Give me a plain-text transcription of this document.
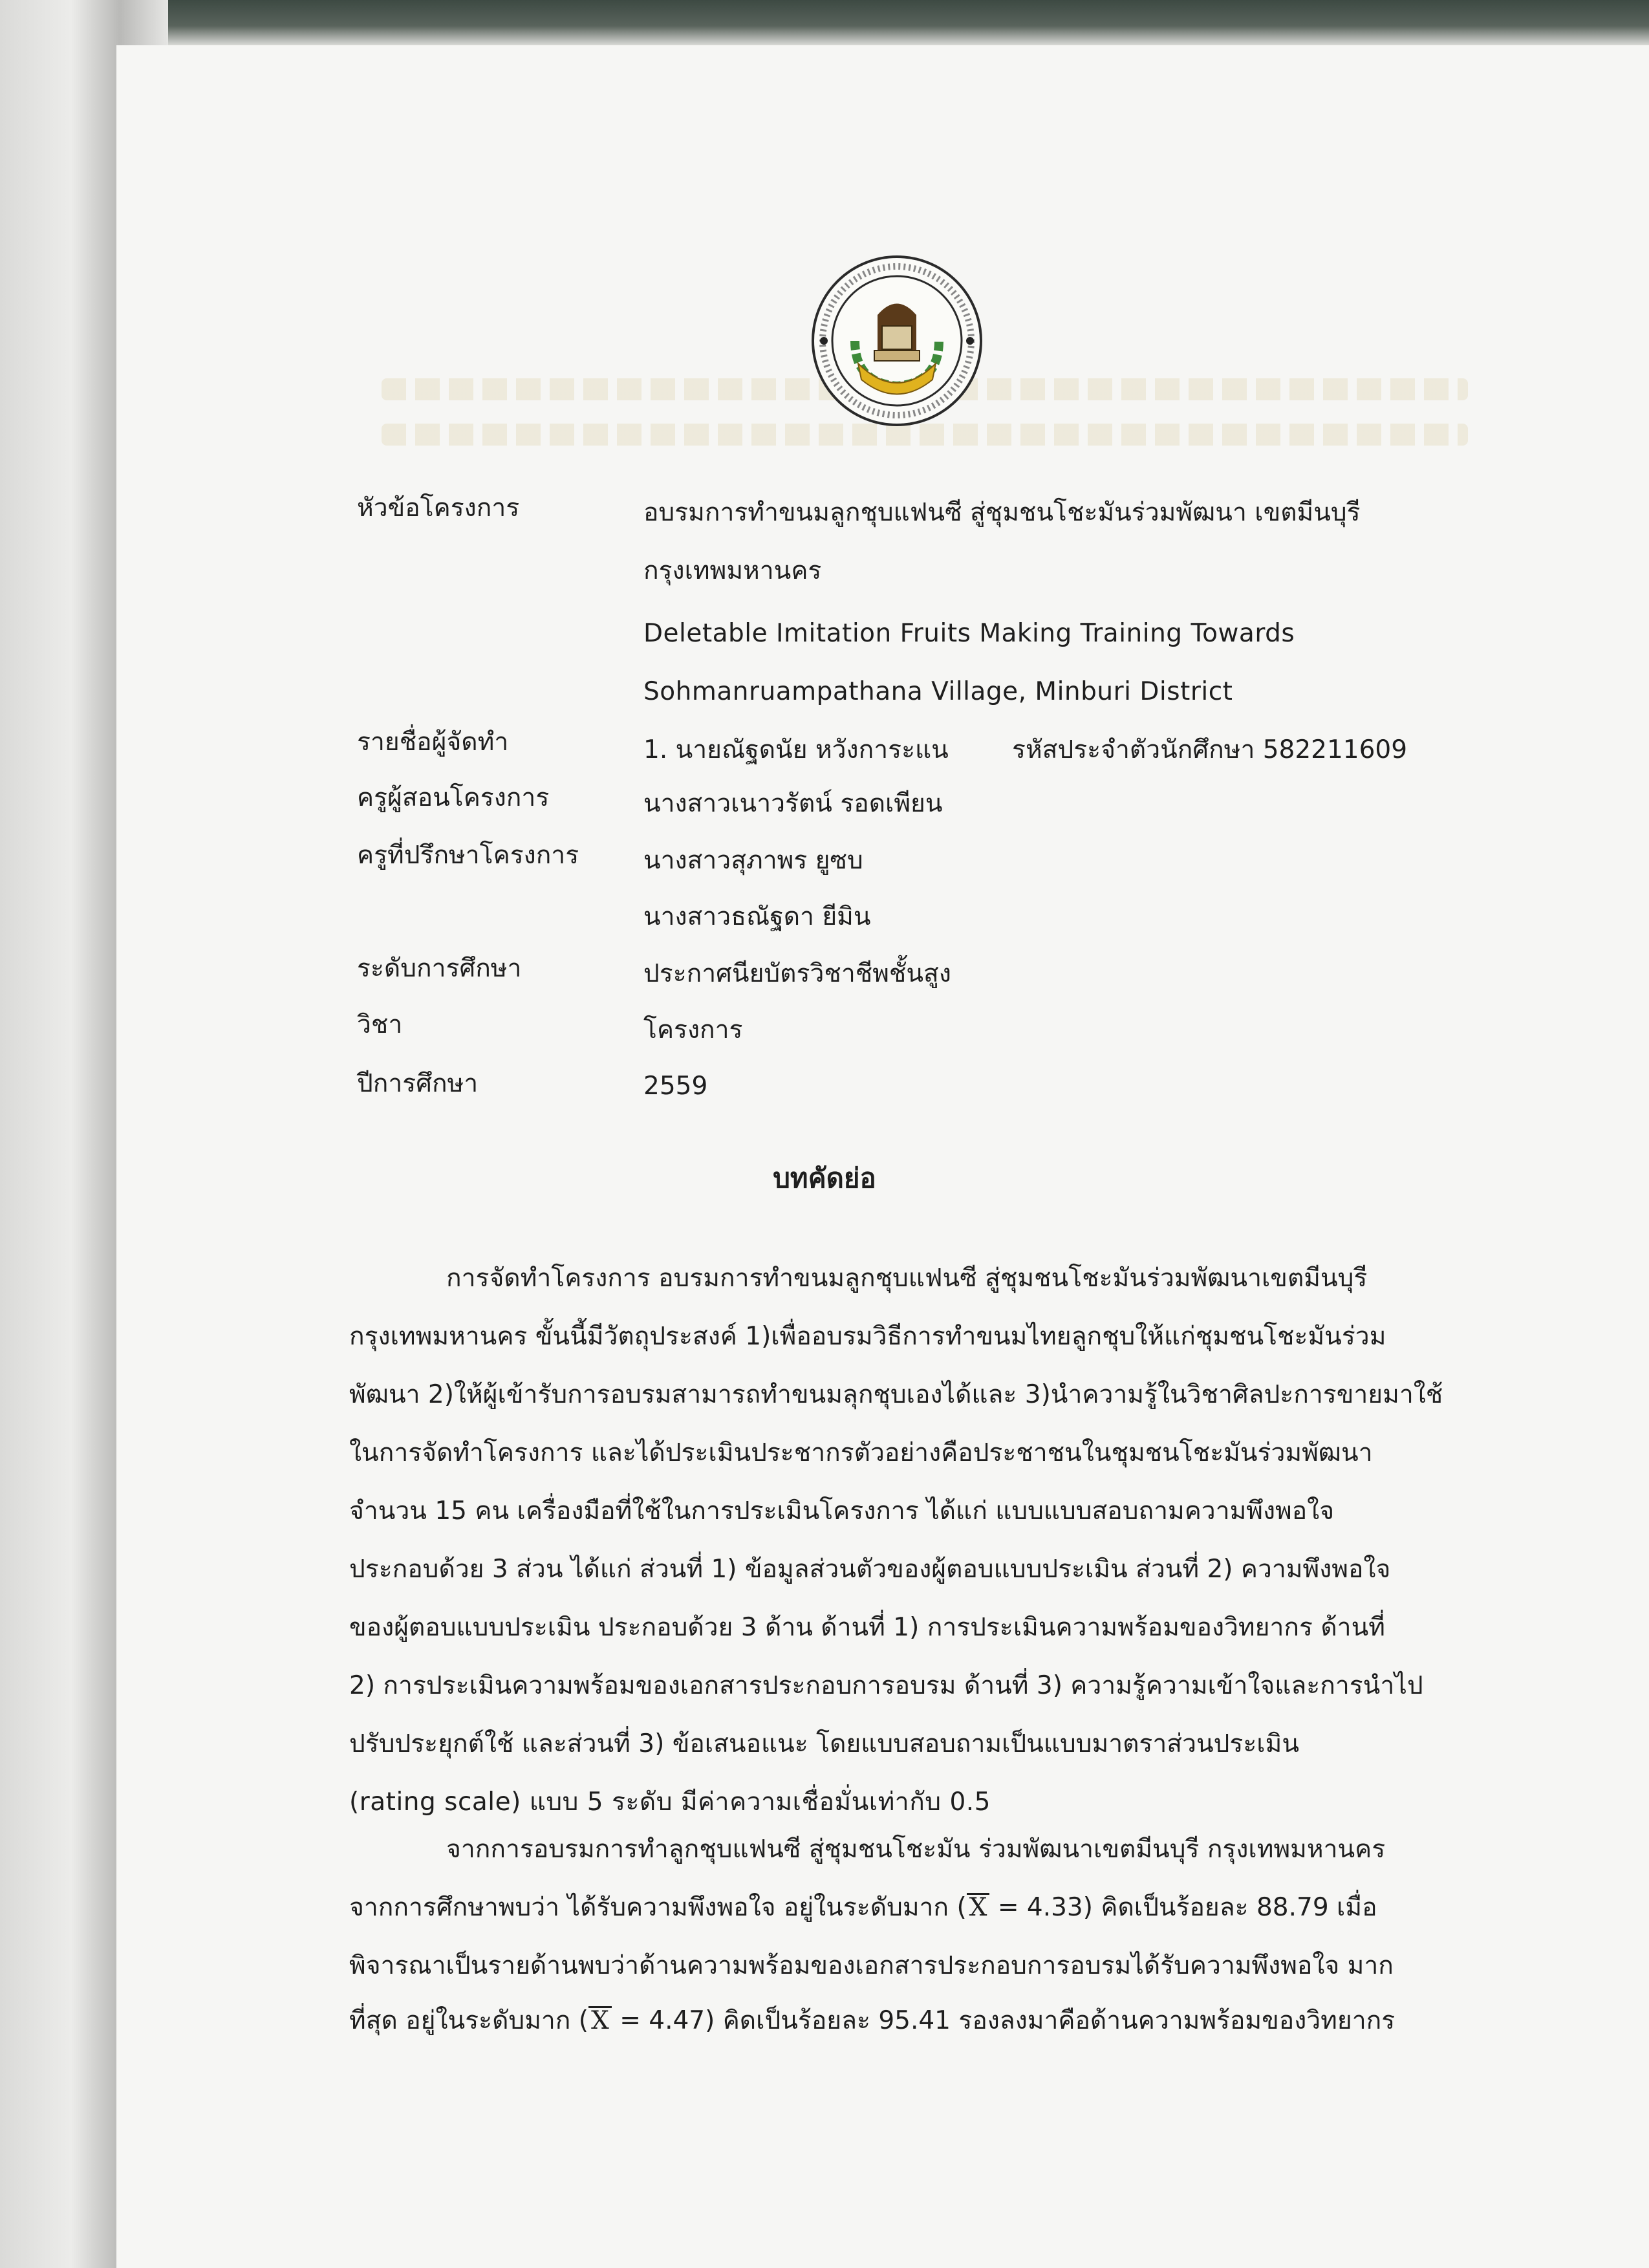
หัวข้อโครงการ	อบรมการทำขนมลูกชุบแฟนซี สู่ชุมชนโชะมันร่วมพัฒนา เขตมีนบุรี
กรุงเทพมหานคร
Deletable Imitation Fruits Making Training Towards
Sohmanruampathana Village, Minburi District
รายชื่อผู้จัดทำ	1. นายณัฐดนัย หวังการะแน	รหัสประจำตัวนักศึกษา 582211609
ครูผู้สอนโครงการ	นางสาวเนาวรัตน์ รอดเพียน
ครูที่ปรึกษาโครงการ	นางสาวสุภาพร ยูซบ
นางสาวธณัฐดา ยีมิน
ระดับการศึกษา	ประกาศนียบัตรวิชาชีพชั้นสูง
วิชา	โครงการ
ปีการศึกษา	2559
บทคัดย่อ
การจัดทำโครงการ อบรมการทำขนมลูกชุบแฟนซี สู่ชุมชนโชะมันร่วมพัฒนาเขตมีนบุรี
กรุงเทพมหานคร ขั้นนี้มีวัตถุประสงค์ 1)เพื่ออบรมวิธีการทำขนมไทยลูกชุบให้แก่ชุมชนโชะมันร่วม
พัฒนา 2)ให้ผู้เข้ารับการอบรมสามารถทำขนมลุกชุบเองได้และ 3)นำความรู้ในวิชาศิลปะการขายมาใช้
ในการจัดทำโครงการ และได้ประเมินประชากรตัวอย่างคือประชาชนในชุมชนโชะมันร่วมพัฒนา
จำนวน 15 คน เครื่องมือที่ใช้ในการประเมินโครงการ ได้แก่ แบบแบบสอบถามความพึงพอใจ
ประกอบด้วย 3 ส่วน ได้แก่ ส่วนที่ 1) ข้อมูลส่วนตัวของผู้ตอบแบบประเมิน ส่วนที่ 2) ความพึงพอใจ
ของผู้ตอบแบบประเมิน ประกอบด้วย 3 ด้าน ด้านที่ 1) การประเมินความพร้อมของวิทยากร ด้านที่
2) การประเมินความพร้อมของเอกสารประกอบการอบรม ด้านที่ 3) ความรู้ความเข้าใจและการนำไป
ปรับประยุกต์ใช้ และส่วนที่ 3) ข้อเสนอแนะ โดยแบบสอบถามเป็นแบบมาตราส่วนประเมิน
(rating scale) แบบ 5 ระดับ มีค่าความเชื่อมั่นเท่ากับ 0.5
จากการอบรมการทำลูกชุบแฟนซี สู่ชุมชนโชะมัน ร่วมพัฒนาเขตมีนบุรี กรุงเทพมหานคร
จากการศึกษาพบว่า ได้รับความพึงพอใจ อยู่ในระดับมาก ( X = 4.33) คิดเป็นร้อยละ 88.79 เมื่อ
พิจารณาเป็นรายด้านพบว่าด้านความพร้อมของเอกสารประกอบการอบรมได้รับความพึงพอใจ มาก
ที่สุด อยู่ในระดับมาก ( X = 4.47) คิดเป็นร้อยละ 95.41 รองลงมาคือด้านความพร้อมของวิทยากร
